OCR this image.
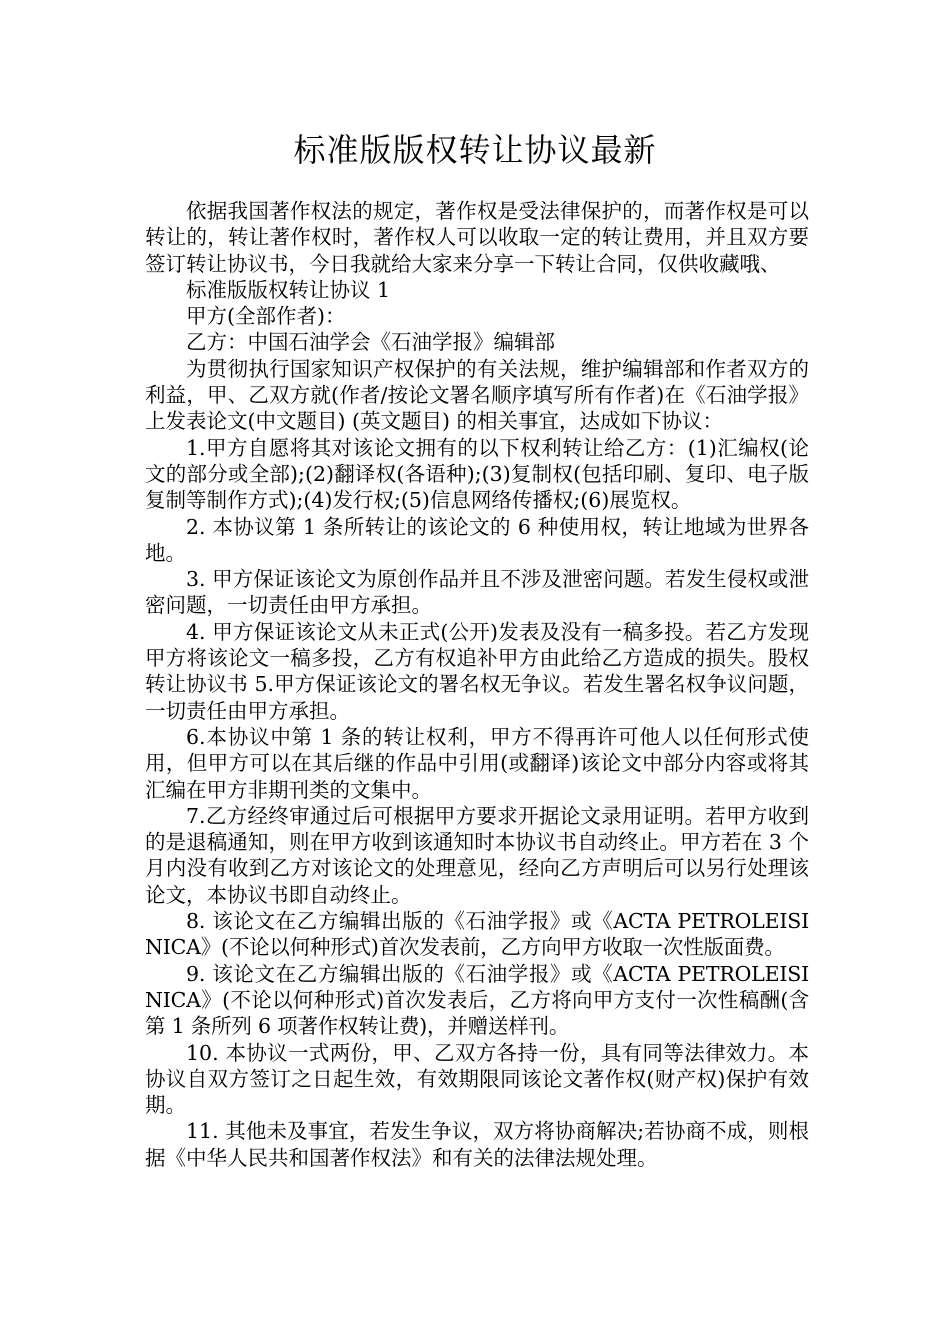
标准版版权转让协议最新

依据我国著作权法的规定，著作权是受法律保护的，而著作权是可以转让的，转让著作权时，著作权人可以收取一定的转让费用，并且双方要签订转让协议书，今日我就给大家来分享一下转让合同，仅供收藏哦、

标准版版权转让协议 1

甲方(全部作者)：

乙方：中国石油学会《石油学报》编辑部

为贯彻执行国家知识产权保护的有关法规，维护编辑部和作者双方的利益，甲、乙双方就(作者/按论文署名顺序填写所有作者)在《石油学报》上发表论文(中文题目) (英文题目) 的相关事宜，达成如下协议：

1.甲方自愿将其对该论文拥有的以下权利转让给乙方：(1)汇编权(论文的部分或全部);(2)翻译权(各语种);(3)复制权(包括印刷、复印、电子版复制等制作方式);(4)发行权;(5)信息网络传播权;(6)展览权。

2. 本协议第 1 条所转让的该论文的 6 种使用权，转让地域为世界各地。

3. 甲方保证该论文为原创作品并且不涉及泄密问题。若发生侵权或泄密问题，一切责任由甲方承担。

4. 甲方保证该论文从未正式(公开)发表及没有一稿多投。若乙方发现甲方将该论文一稿多投，乙方有权追补甲方由此给乙方造成的损失。股权转让协议书 5.甲方保证该论文的署名权无争议。若发生署名权争议问题，一切责任由甲方承担。

6.本协议中第 1 条的转让权利，甲方不得再许可他人以任何形式使用，但甲方可以在其后继的作品中引用(或翻译)该论文中部分内容或将其汇编在甲方非期刊类的文集中。

7.乙方经终审通过后可根据甲方要求开据论文录用证明。若甲方收到的是退稿通知，则在甲方收到该通知时本协议书自动终止。甲方若在 3 个月内没有收到乙方对该论文的处理意见，经向乙方声明后可以另行处理该论文，本协议书即自动终止。

8. 该论文在乙方编辑出版的《石油学报》或《ACTA PETROLEISINICA》(不论以何种形式)首次发表前，乙方向甲方收取一次性版面费。

9. 该论文在乙方编辑出版的《石油学报》或《ACTA PETROLEISINICA》(不论以何种形式)首次发表后，乙方将向甲方支付一次性稿酬(含第 1 条所列 6 项著作权转让费)，并赠送样刊。

10. 本协议一式两份，甲、乙双方各持一份，具有同等法律效力。本协议自双方签订之日起生效，有效期限同该论文著作权(财产权)保护有效期。

11. 其他未及事宜，若发生争议，双方将协商解决;若协商不成，则根据《中华人民共和国著作权法》和有关的法律法规处理。
